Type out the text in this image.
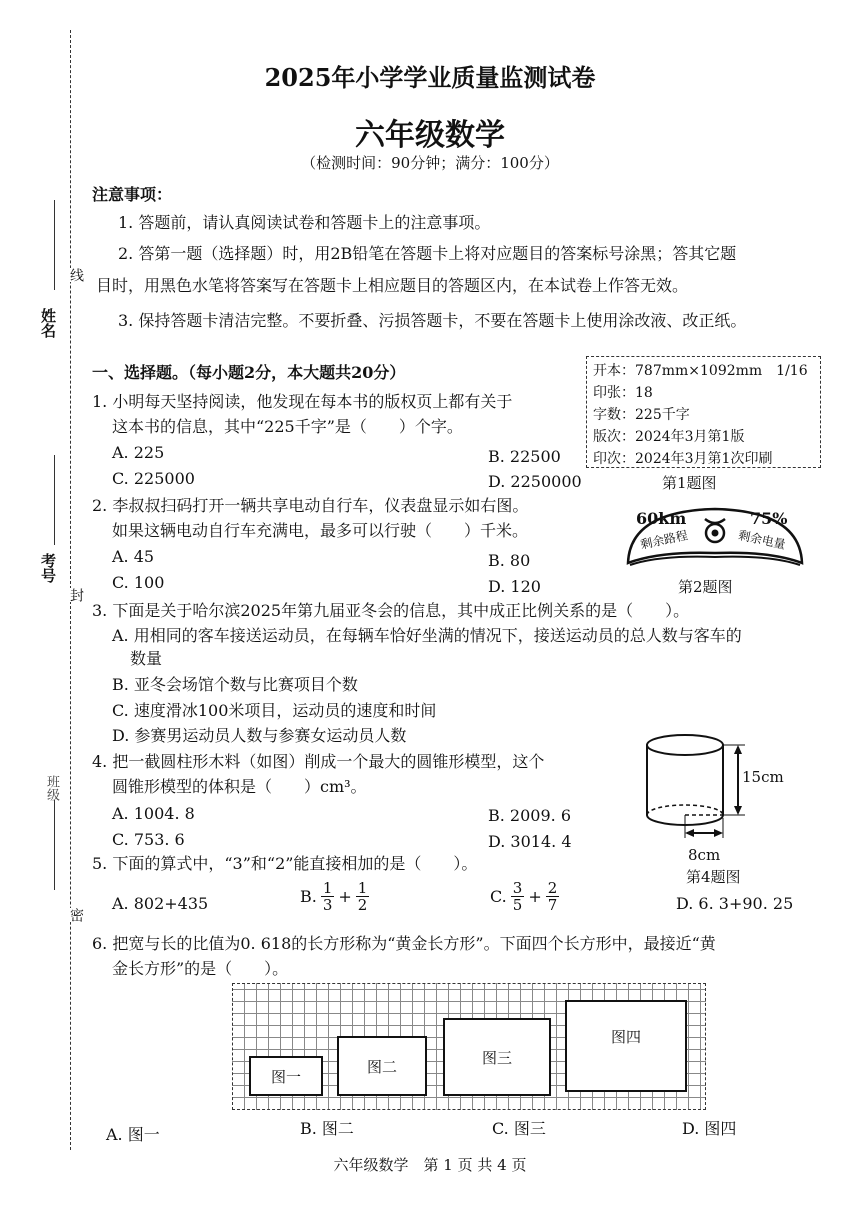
线
封
密
姓名
考号
班级
2025年小学学业质量监测试卷
六年级数学
（检测时间：90分钟；满分：100分）
注意事项：
1. 答题前，请认真阅读试卷和答题卡上的注意事项。
2. 答第一题（选择题）时，用2B铅笔在答题卡上将对应题目的答案标号涂黑；答其它题
目时，用黑色水笔将答案写在答题卡上相应题目的答题区内，在本试卷上作答无效。
3. 保持答题卡清洁完整。不要折叠、污损答题卡，不要在答题卡上使用涂改液、改正纸。
一、选择题。（每小题2分，本大题共20分）
1. 小明每天坚持阅读，他发现在每本书的版权页上都有关于
这本书的信息，其中“225千字”是（　　）个字。
A. 225	B. 22500
C. 225000	D. 2250000
开本：787mm×1092mm　1/16
印张：18
字数：225千字
版次：2024年3月第1版
印次：2024年3月第1次印刷
第1题图
2. 李叔叔扫码打开一辆共享电动自行车，仪表盘显示如右图。
如果这辆电动自行车充满电，最多可以行驶（　　）千米。
A. 45	B. 80
C. 100	D. 120
60km
剩余路程
75%
剩余电量
第2题图
3. 下面是关于哈尔滨2025年第九届亚冬会的信息，其中成正比例关系的是（　　）。
A. 用相同的客车接送运动员，在每辆车恰好坐满的情况下，接送运动员的总人数与客车的
数量
B. 亚冬会场馆个数与比赛项目个数
C. 速度滑冰100米项目，运动员的速度和时间
D. 参赛男运动员人数与参赛女运动员人数
4. 把一截圆柱形木料（如图）削成一个最大的圆锥形模型，这个
圆锥形模型的体积是（　　）cm³。
A. 1004. 8	B. 2009. 6
C. 753. 6	D. 3014. 4
15cm
8cm
第4题图
5. 下面的算式中，“3”和“2”能直接相加的是（　　）。
A. 802+435	B. $\frac{1}{3} + \frac{1}{2}$	C. $\frac{3}{5} + \frac{2}{7}$	D. 6. 3+90. 25
6. 把宽与长的比值为0. 618的长方形称为“黄金长方形”。下面四个长方形中，最接近“黄
金长方形”的是（　　）。
图一
图二	图三
图四
A. 图一	B. 图二	C. 图三	D. 图四
六年级数学　第 1 页 共 4 页
